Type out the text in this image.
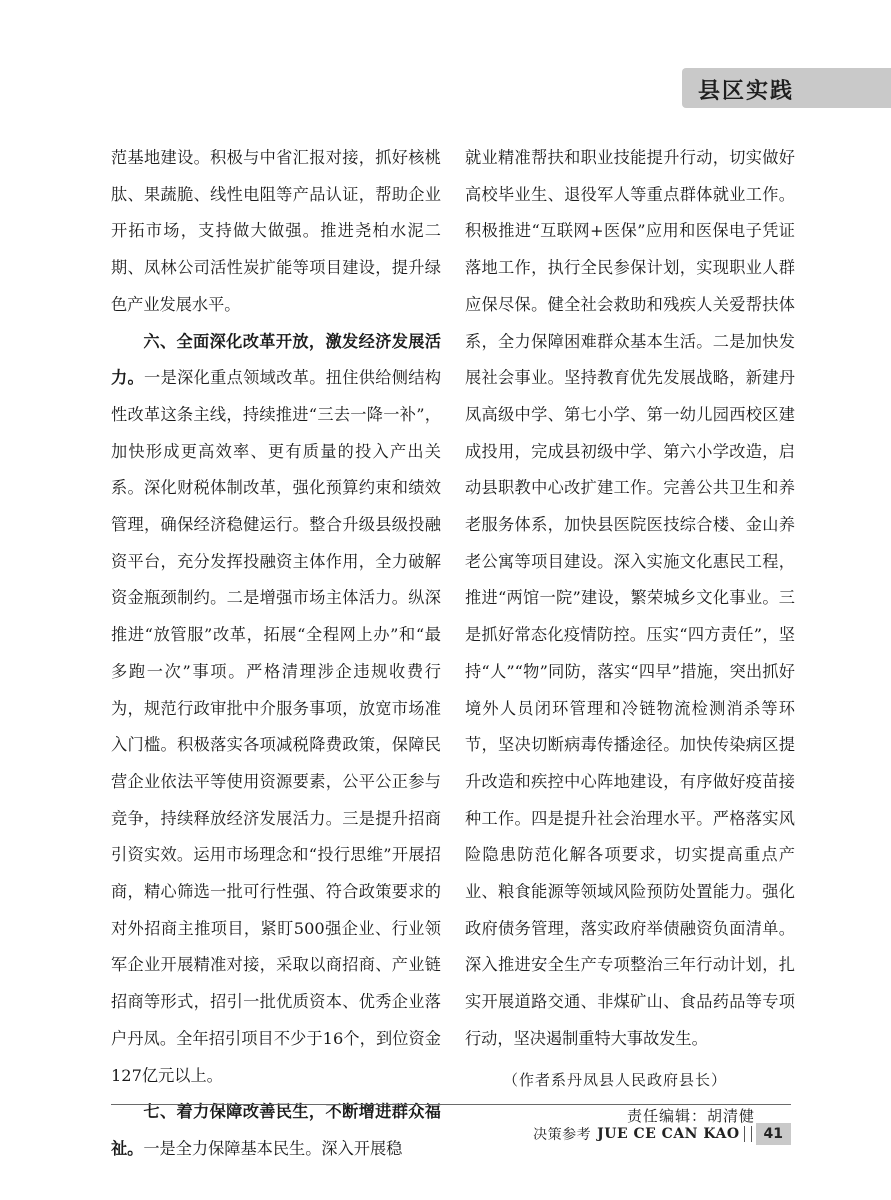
县区实践

范基地建设。积极与中省汇报对接，抓好核桃肽、果蔬脆、线性电阻等产品认证，帮助企业开拓市场，支持做大做强。推进尧柏水泥二期、凤林公司活性炭扩能等项目建设，提升绿色产业发展水平。

六、全面深化改革开放，激发经济发展活力。一是深化重点领域改革。扭住供给侧结构性改革这条主线，持续推进“三去一降一补”，加快形成更高效率、更有质量的投入产出关系。深化财税体制改革，强化预算约束和绩效管理，确保经济稳健运行。整合升级县级投融资平台，充分发挥投融资主体作用，全力破解资金瓶颈制约。二是增强市场主体活力。纵深推进“放管服”改革，拓展“全程网上办”和“最多跑一次”事项。严格清理涉企违规收费行为，规范行政审批中介服务事项，放宽市场准入门槛。积极落实各项减税降费政策，保障民营企业依法平等使用资源要素，公平公正参与竞争，持续释放经济发展活力。三是提升招商引资实效。运用市场理念和“投行思维”开展招商，精心筛选一批可行性强、符合政策要求的对外招商主推项目，紧盯500强企业、行业领军企业开展精准对接，采取以商招商、产业链招商等形式，招引一批优质资本、优秀企业落户丹凤。全年招引项目不少于16个，到位资金127亿元以上。

七、着力保障改善民生，不断增进群众福祉。一是全力保障基本民生。深入开展稳

就业精准帮扶和职业技能提升行动，切实做好高校毕业生、退役军人等重点群体就业工作。积极推进“互联网+医保”应用和医保电子凭证落地工作，执行全民参保计划，实现职业人群应保尽保。健全社会救助和残疾人关爱帮扶体系，全力保障困难群众基本生活。二是加快发展社会事业。坚持教育优先发展战略，新建丹凤高级中学、第七小学、第一幼儿园西校区建成投用，完成县初级中学、第六小学改造，启动县职教中心改扩建工作。完善公共卫生和养老服务体系，加快县医院医技综合楼、金山养老公寓等项目建设。深入实施文化惠民工程，推进“两馆一院”建设，繁荣城乡文化事业。三是抓好常态化疫情防控。压实“四方责任”，坚持“人”“物”同防，落实“四早”措施，突出抓好境外人员闭环管理和冷链物流检测消杀等环节，坚决切断病毒传播途径。加快传染病区提升改造和疾控中心阵地建设，有序做好疫苗接种工作。四是提升社会治理水平。严格落实风险隐患防范化解各项要求，切实提高重点产业、粮食能源等领域风险预防处置能力。强化政府债务管理，落实政府举债融资负面清单。深入推进安全生产专项整治三年行动计划，扎实开展道路交通、非煤矿山、食品药品等专项行动，坚决遏制重特大事故发生。

（作者系丹凤县人民政府县长）

责任编辑：胡清健

决策参考 JUE CE CAN KAO	41
